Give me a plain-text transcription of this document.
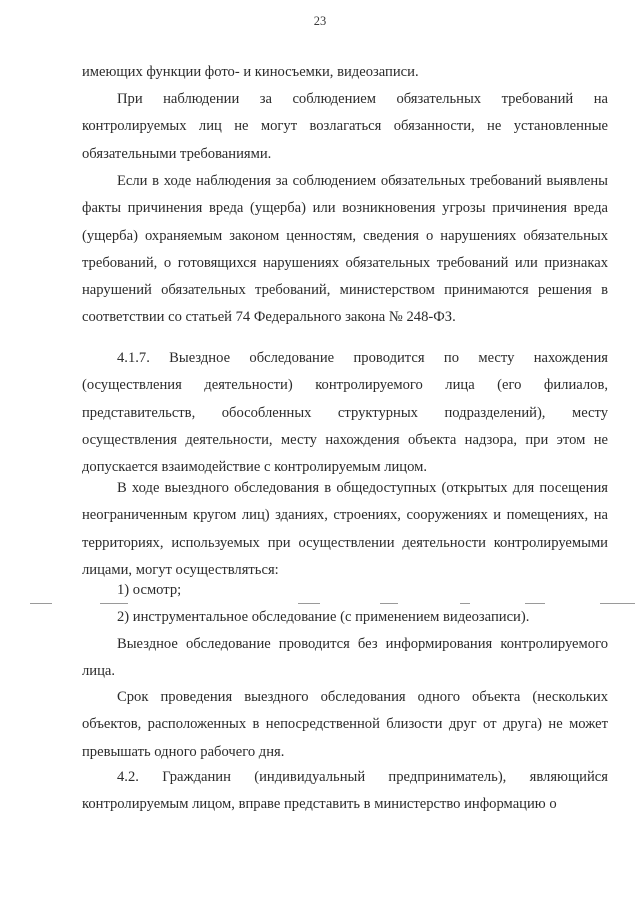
23

имеющих функции фото- и киносъемки, видеозаписи.

При наблюдении за соблюдением обязательных требований на контролируемых лиц не могут возлагаться обязанности, не установленные обязательными требованиями.

Если в ходе наблюдения за соблюдением обязательных требований выявлены факты причинения вреда (ущерба) или возникновения угрозы причинения вреда (ущерба) охраняемым законом ценностям, сведения о нарушениях обязательных требований, о готовящихся нарушениях обязательных требований или признаках нарушений обязательных требований, министерством принимаются решения в соответствии со статьей 74 Федерального закона № 248-ФЗ.

4.1.7. Выездное обследование проводится по месту нахождения (осуществления деятельности) контролируемого лица (его филиалов, представительств, обособленных структурных подразделений), месту осуществления деятельности, месту нахождения объекта надзора, при этом не допускается взаимодействие с контролируемым лицом.

В ходе выездного обследования в общедоступных (открытых для посещения неограниченным кругом лиц) зданиях, строениях, сооружениях и помещениях, на территориях, используемых при осуществлении деятельности контролируемыми лицами, могут осуществляться:

1) осмотр;

2) инструментальное обследование (с применением видеозаписи).

Выездное обследование проводится без информирования контролируемого лица.

Срок проведения выездного обследования одного объекта (нескольких объектов, расположенных в непосредственной близости друг от друга) не может превышать одного рабочего дня.

4.2. Гражданин (индивидуальный предприниматель), являющийся контролируемым лицом, вправе представить в министерство информацию о
